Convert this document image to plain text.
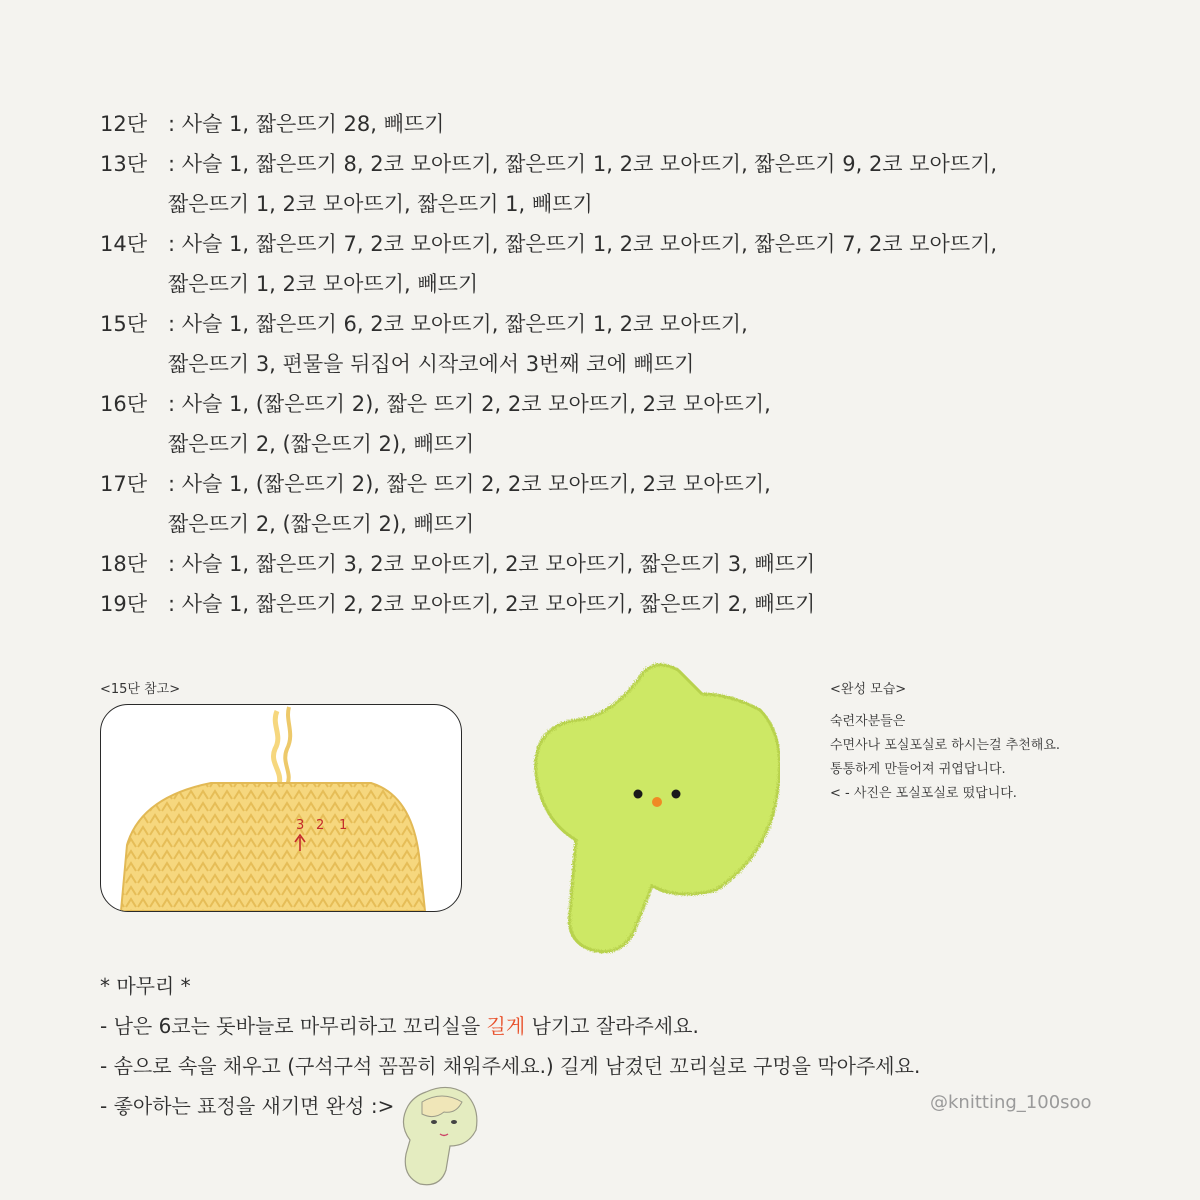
12단 : 사슬 1, 짧은뜨기 28, 빼뜨기
13단 : 사슬 1, 짧은뜨기 8, 2코 모아뜨기, 짧은뜨기 1, 2코 모아뜨기, 짧은뜨기 9, 2코 모아뜨기,
짧은뜨기 1, 2코 모아뜨기, 짧은뜨기 1, 빼뜨기
14단 : 사슬 1, 짧은뜨기 7, 2코 모아뜨기, 짧은뜨기 1, 2코 모아뜨기, 짧은뜨기 7, 2코 모아뜨기,
짧은뜨기 1, 2코 모아뜨기, 빼뜨기
15단 : 사슬 1, 짧은뜨기 6, 2코 모아뜨기, 짧은뜨기 1, 2코 모아뜨기,
짧은뜨기 3, 편물을 뒤집어 시작코에서 3번째 코에 빼뜨기
16단 : 사슬 1, (짧은뜨기 2), 짧은 뜨기 2, 2코 모아뜨기, 2코 모아뜨기,
짧은뜨기 2, (짧은뜨기 2), 빼뜨기
17단 : 사슬 1, (짧은뜨기 2), 짧은 뜨기 2, 2코 모아뜨기, 2코 모아뜨기,
짧은뜨기 2, (짧은뜨기 2), 빼뜨기
18단 : 사슬 1, 짧은뜨기 3, 2코 모아뜨기, 2코 모아뜨기, 짧은뜨기 3, 빼뜨기
19단 : 사슬 1, 짧은뜨기 2, 2코 모아뜨기, 2코 모아뜨기, 짧은뜨기 2, 빼뜨기
<15단 참고>
3 2 1
<완성 모습>
숙련자분들은
수면사나 포실포실로 하시는걸 추천해요.
통통하게 만들어져 귀엽답니다.
< - 사진은 포실포실로 떴답니다.
* 마무리 *
- 남은 6코는 돗바늘로 마무리하고 꼬리실을 길게 남기고 잘라주세요.
- 솜으로 속을 채우고 (구석구석 꼼꼼히 채워주세요.) 길게 남겼던 꼬리실로 구멍을 막아주세요.
- 좋아하는 표정을 새기면 완성 :>	@knitting_100soo
